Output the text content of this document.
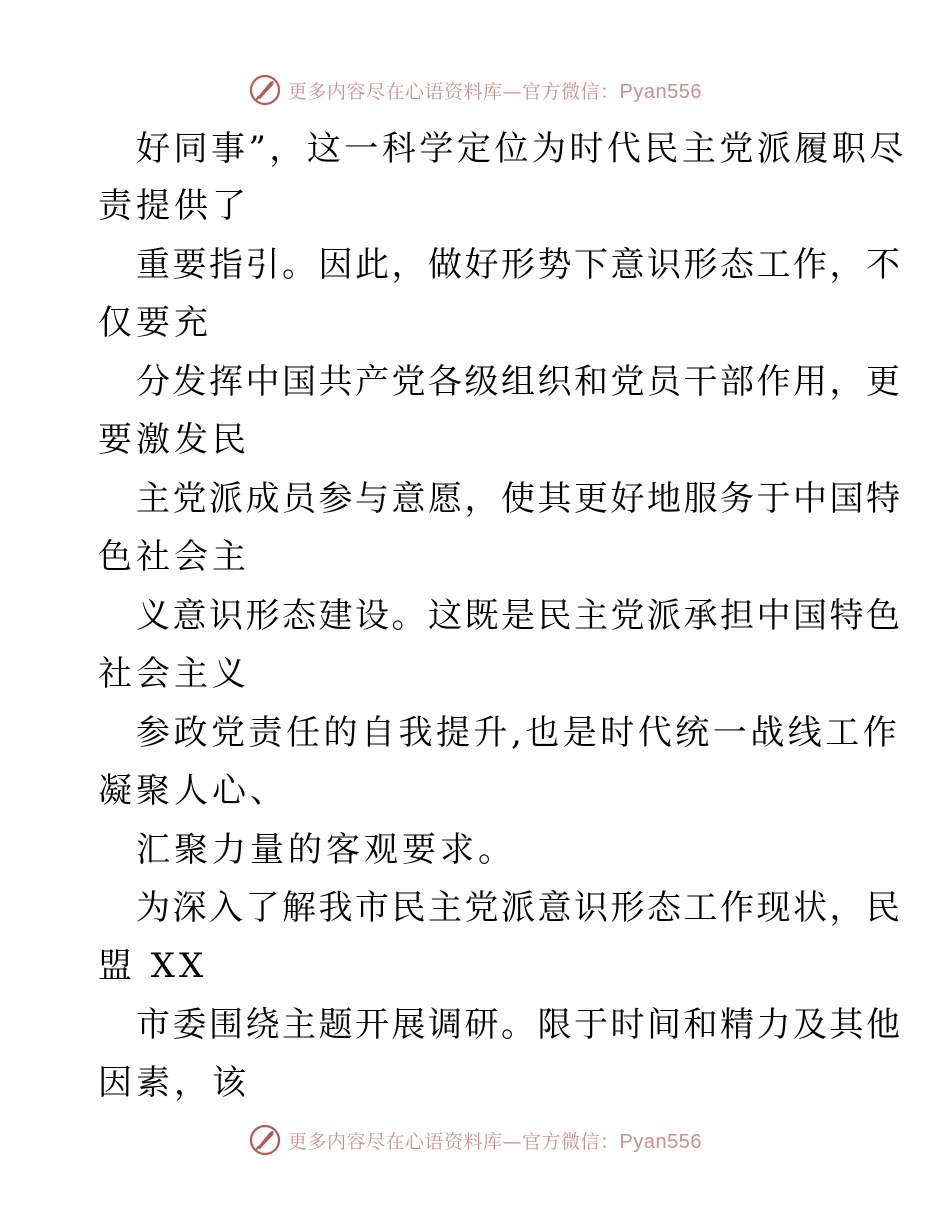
更多内容尽在心语资料库—官方微信：Pyan556
好同事”，这一科学定位为时代民主党派履职尽
责提供了
重要指引。因此，做好形势下意识形态工作，不
仅要充
分发挥中国共产党各级组织和党员干部作用，更
要激发民
主党派成员参与意愿，使其更好地服务于中国特
色社会主
义意识形态建设。这既是民主党派承担中国特色
社会主义
参政党责任的自我提升,也是时代统一战线工作
凝聚人心、
汇聚力量的客观要求。
为深入了解我市民主党派意识形态工作现状，民
盟 XX
市委围绕主题开展调研。限于时间和精力及其他
因素，该
更多内容尽在心语资料库—官方微信：Pyan556
